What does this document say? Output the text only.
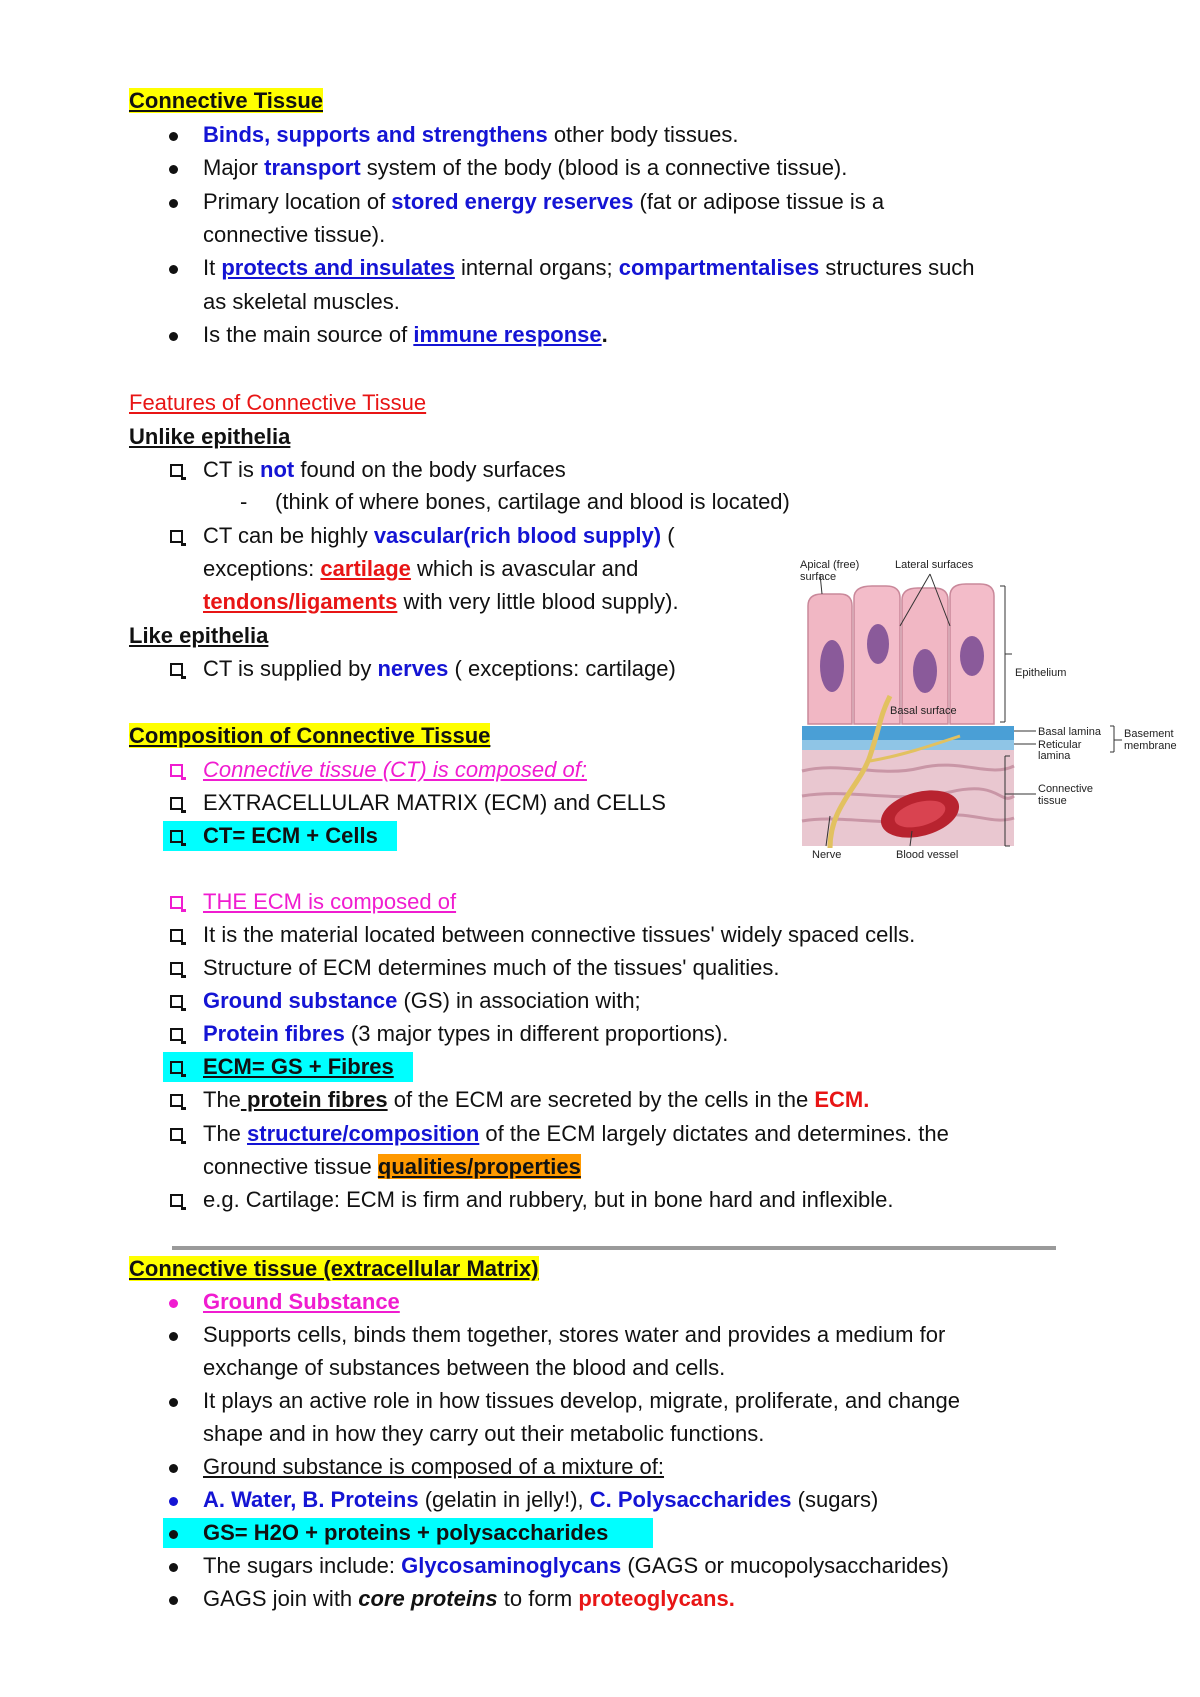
Connective Tissue
Binds, supports and strengthens other body tissues.
Major transport system of the body (blood is a connective tissue).
Primary location of stored energy reserves (fat or adipose tissue is a
connective tissue).
It protects and insulates internal organs; compartmentalises structures such
as skeletal muscles.
Is the main source of immune response.
Features of Connective Tissue
Unlike epithelia
CT is not found on the body surfaces
- (think of where bones, cartilage and blood is located)
CT can be highly vascular(rich blood supply) (
exceptions: cartilage which is avascular and
tendons/ligaments with very little blood supply).
Like epithelia
CT is supplied by nerves ( exceptions: cartilage)
Composition of Connective Tissue
Connective tissue (CT) is composed of:
EXTRACELLULAR MATRIX (ECM) and CELLS
CT= ECM + Cells
THE ECM is composed of
It is the material located between connective tissues' widely spaced cells.
Structure of ECM determines much of the tissues' qualities.
Ground substance (GS) in association with;
Protein fibres (3 major types in different proportions).
ECM= GS + Fibres
The protein fibres of the ECM are secreted by the cells in the ECM.
The structure/composition of the ECM largely dictates and determines. the
connective tissue qualities/properties
e.g. Cartilage: ECM is firm and rubbery, but in bone hard and inflexible.
Apical (free)
surface
Lateral surfaces
Epithelium
Basal surface
Basal lamina
Reticular
lamina
Basement
membrane
Connective
tissue
Nerve	Blood vessel
Connective tissue (extracellular Matrix)
Ground Substance
Supports cells, binds them together, stores water and provides a medium for
exchange of substances between the blood and cells.
It plays an active role in how tissues develop, migrate, proliferate, and change
shape and in how they carry out their metabolic functions.
Ground substance is composed of a mixture of:
A. Water, B. Proteins (gelatin in jelly!), C. Polysaccharides (sugars)
GS= H2O + proteins + polysaccharides
The sugars include: Glycosaminoglycans (GAGS or mucopolysaccharides)
GAGS join with core proteins to form proteoglycans.
